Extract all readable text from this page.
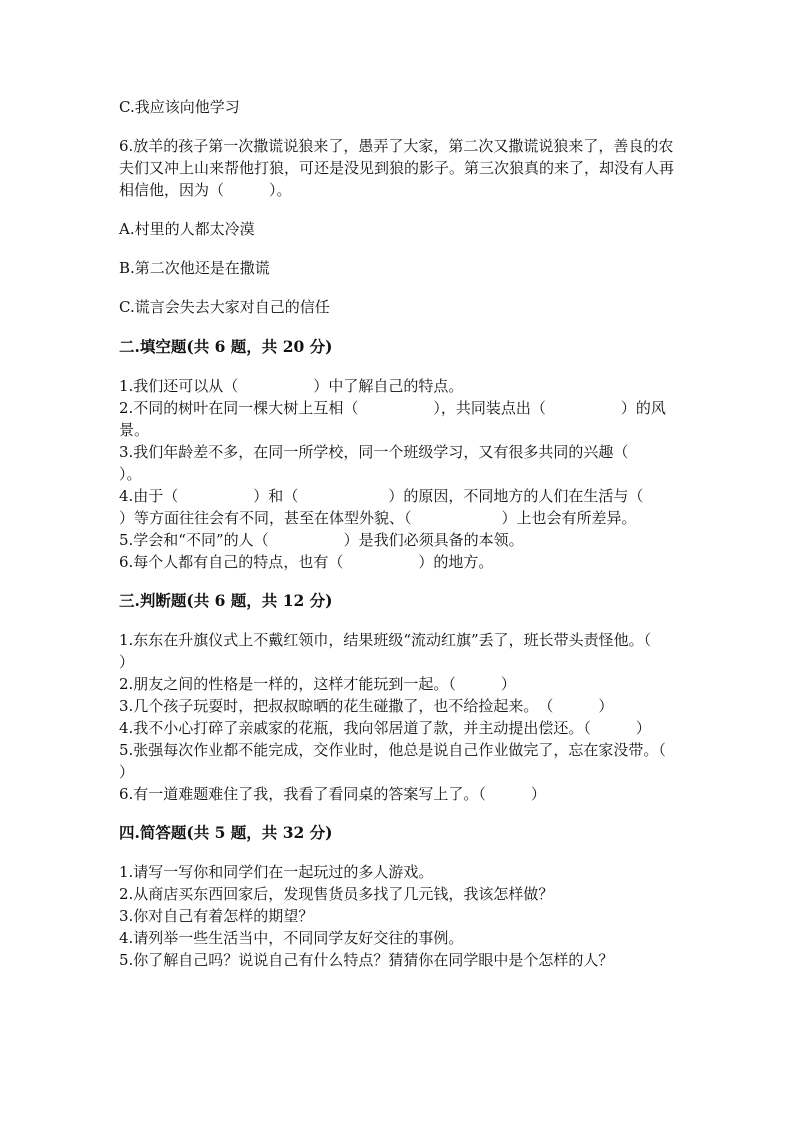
C.我应该向他学习

6.放羊的孩子第一次撒谎说狼来了，愚弄了大家，第二次又撒谎说狼来了，善良的农夫们又冲上山来帮他打狼，可还是没见到狼的影子。第三次狼真的来了，却没有人再相信他，因为（　　　）。

A.村里的人都太冷漠

B.第二次他还是在撒谎

C.谎言会失去大家对自己的信任

二.填空题(共 6 题，共 20 分)

1.我们还可以从（　　　　　）中了解自己的特点。

2.不同的树叶在同一棵大树上互相（　　　　　），共同装点出（　　　　　）的风景。

3.我们年龄差不多，在同一所学校，同一个班级学习，又有很多共同的兴趣（　　　　　　）。

4.由于（　　　　　）和（　　　　　　）的原因，不同地方的人们在生活与（　　　　　）等方面往往会有不同，甚至在体型外貌、（　　　　　　）上也会有所差异。

5.学会和“不同”的人（　　　　　）是我们必须具备的本领。

6.每个人都有自己的特点，也有（　　　　　）的地方。

三.判断题(共 6 题，共 12 分)

1.东东在升旗仪式上不戴红领巾，结果班级“流动红旗”丢了，班长带头责怪他。（　　　）

2.朋友之间的性格是一样的，这样才能玩到一起。（　　　）

3.几个孩子玩耍时，把叔叔晾晒的花生碰撒了，也不给捡起来。　（　　　）

4.我不小心打碎了亲戚家的花瓶，我向邻居道了款，并主动提出偿还。（　　　）

5.张强每次作业都不能完成，交作业时，他总是说自己作业做完了，忘在家没带。（　　　）

6.有一道难题难住了我，我看了看同桌的答案写上了。（　　　）

四.简答题(共 5 题，共 32 分)

1.请写一写你和同学们在一起玩过的多人游戏。

2.从商店买东西回家后，发现售货员多找了几元钱，我该怎样做？

3.你对自己有着怎样的期望？

4.请列举一些生活当中，不同同学友好交往的事例。

5.你了解自己吗？说说自己有什么特点？猜猜你在同学眼中是个怎样的人？
